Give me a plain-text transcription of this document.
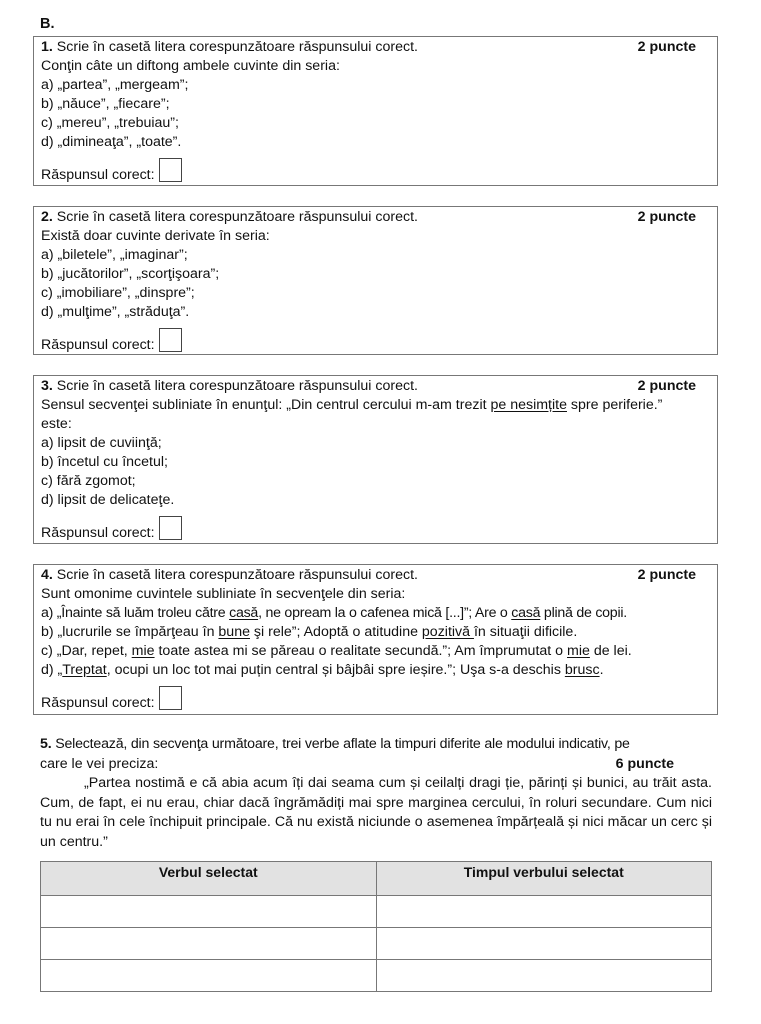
B.
1. Scrie în casetă litera corespunzătoare răspunsului corect.	2 puncte
Conţin câte un diftong ambele cuvinte din seria:
a) „partea”, „mergeam”;
b) „năuce”, „fiecare”;
c) „mereu”, „trebuiau”;
d) „dimineaţa”, „toate”.
Răspunsul corect:
2. Scrie în casetă litera corespunzătoare răspunsului corect.	2 puncte
Există doar cuvinte derivate în seria:
a) „biletele”, „imaginar”;
b) „jucătorilor”, „scorţişoara”;
c) „imobiliare”, „dinspre”;
d) „mulţime”, „străduţa”.
Răspunsul corect:
3. Scrie în casetă litera corespunzătoare răspunsului corect.	2 puncte
Sensul secvenţei subliniate în enunţul: „Din centrul cercului m-am trezit pe nesimțite spre periferie.”
este:
a) lipsit de cuviinţă;
b) încetul cu încetul;
c) fără zgomot;
d) lipsit de delicateţe.
Răspunsul corect:
4. Scrie în casetă litera corespunzătoare răspunsului corect.	2 puncte
Sunt omonime cuvintele subliniate în secvenţele din seria:
a) „Înainte să luăm troleu către casă, ne opream la o cafenea mică [...]”; Are o casă plină de copii.
b) „lucrurile se împărţeau în bune şi rele”; Adoptă o atitudine pozitivă în situaţii dificile.
c) „Dar, repet, mie toate astea mi se păreau o realitate secundă.”; Am împrumutat o mie de lei.
d) „Treptat, ocupi un loc tot mai puțin central și bâjbâi spre ieșire.”; Uşa s-a deschis brusc.
Răspunsul corect:
5. Selectează, din secvenţa următoare, trei verbe aflate la timpuri diferite ale modului indicativ, pe
care le vei preciza:	6 puncte
„Partea nostimă e că abia acum îți dai seama cum și ceilalți dragi ție, părinți și bunici, au trăit asta. Cum, de fapt, ei nu erau, chiar dacă îngrămădiți mai spre marginea cercului, în roluri secundare. Cum nici tu nu erai în cele închipuit principale. Că nu există niciunde o asemenea împărțeală și nici măcar un cerc și un centru.”
Verbul selectat	Timpul verbului selectat
